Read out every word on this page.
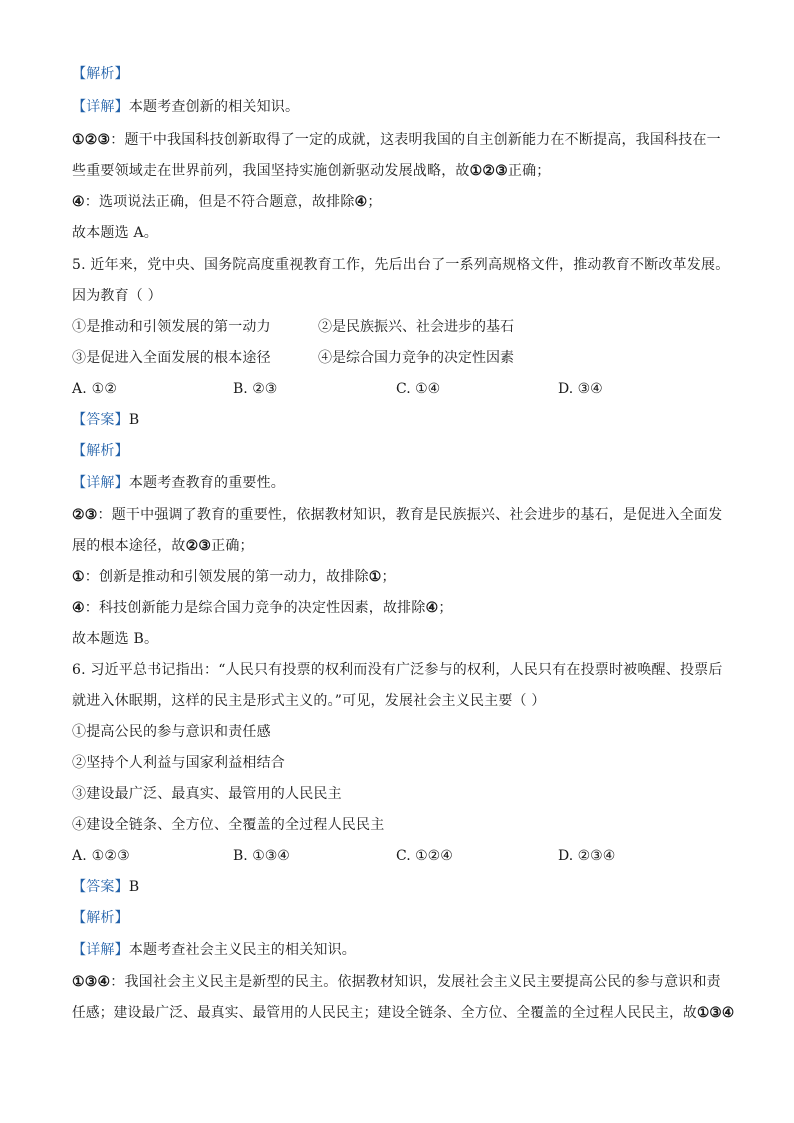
【解析】
【详解】本题考查创新的相关知识。
①②③：题干中我国科技创新取得了一定的成就，这表明我国的自主创新能力在不断提高，我国科技在一
些重要领域走在世界前列，我国坚持实施创新驱动发展战略，故①②③正确；
④：选项说法正确，但是不符合题意，故排除④；
故本题选 A。
5. 近年来，党中央、国务院高度重视教育工作，先后出台了一系列高规格文件，推动教育不断改革发展。
因为教育（ ）
①是推动和引领发展的第一动力	②是民族振兴、社会进步的基石
③是促进入全面发展的根本途径	④是综合国力竞争的决定性因素
A. ①②	B. ②③	C. ①④	D. ③④
【答案】B
【解析】
【详解】本题考查教育的重要性。
②③：题干中强调了教育的重要性，依据教材知识，教育是民族振兴、社会进步的基石，是促进入全面发
展的根本途径，故②③正确；
①：创新是推动和引领发展的第一动力，故排除①；
④：科技创新能力是综合国力竞争的决定性因素，故排除④；
故本题选 B。
6. 习近平总书记指出：“人民只有投票的权利而没有广泛参与的权利，人民只有在投票时被唤醒、投票后
就进入休眠期，这样的民主是形式主义的。”可见，发展社会主义民主要（ ）
①提高公民的参与意识和责任感
②坚持个人利益与国家利益相结合
③建设最广泛、最真实、最管用的人民民主
④建设全链条、全方位、全覆盖的全过程人民民主
A. ①②③	B. ①③④	C. ①②④	D. ②③④
【答案】B
【解析】
【详解】本题考查社会主义民主的相关知识。
①③④：我国社会主义民主是新型的民主。依据教材知识，发展社会主义民主要提高公民的参与意识和责
任感；建设最广泛、最真实、最管用的人民民主；建设全链条、全方位、全覆盖的全过程人民民主，故①③④
